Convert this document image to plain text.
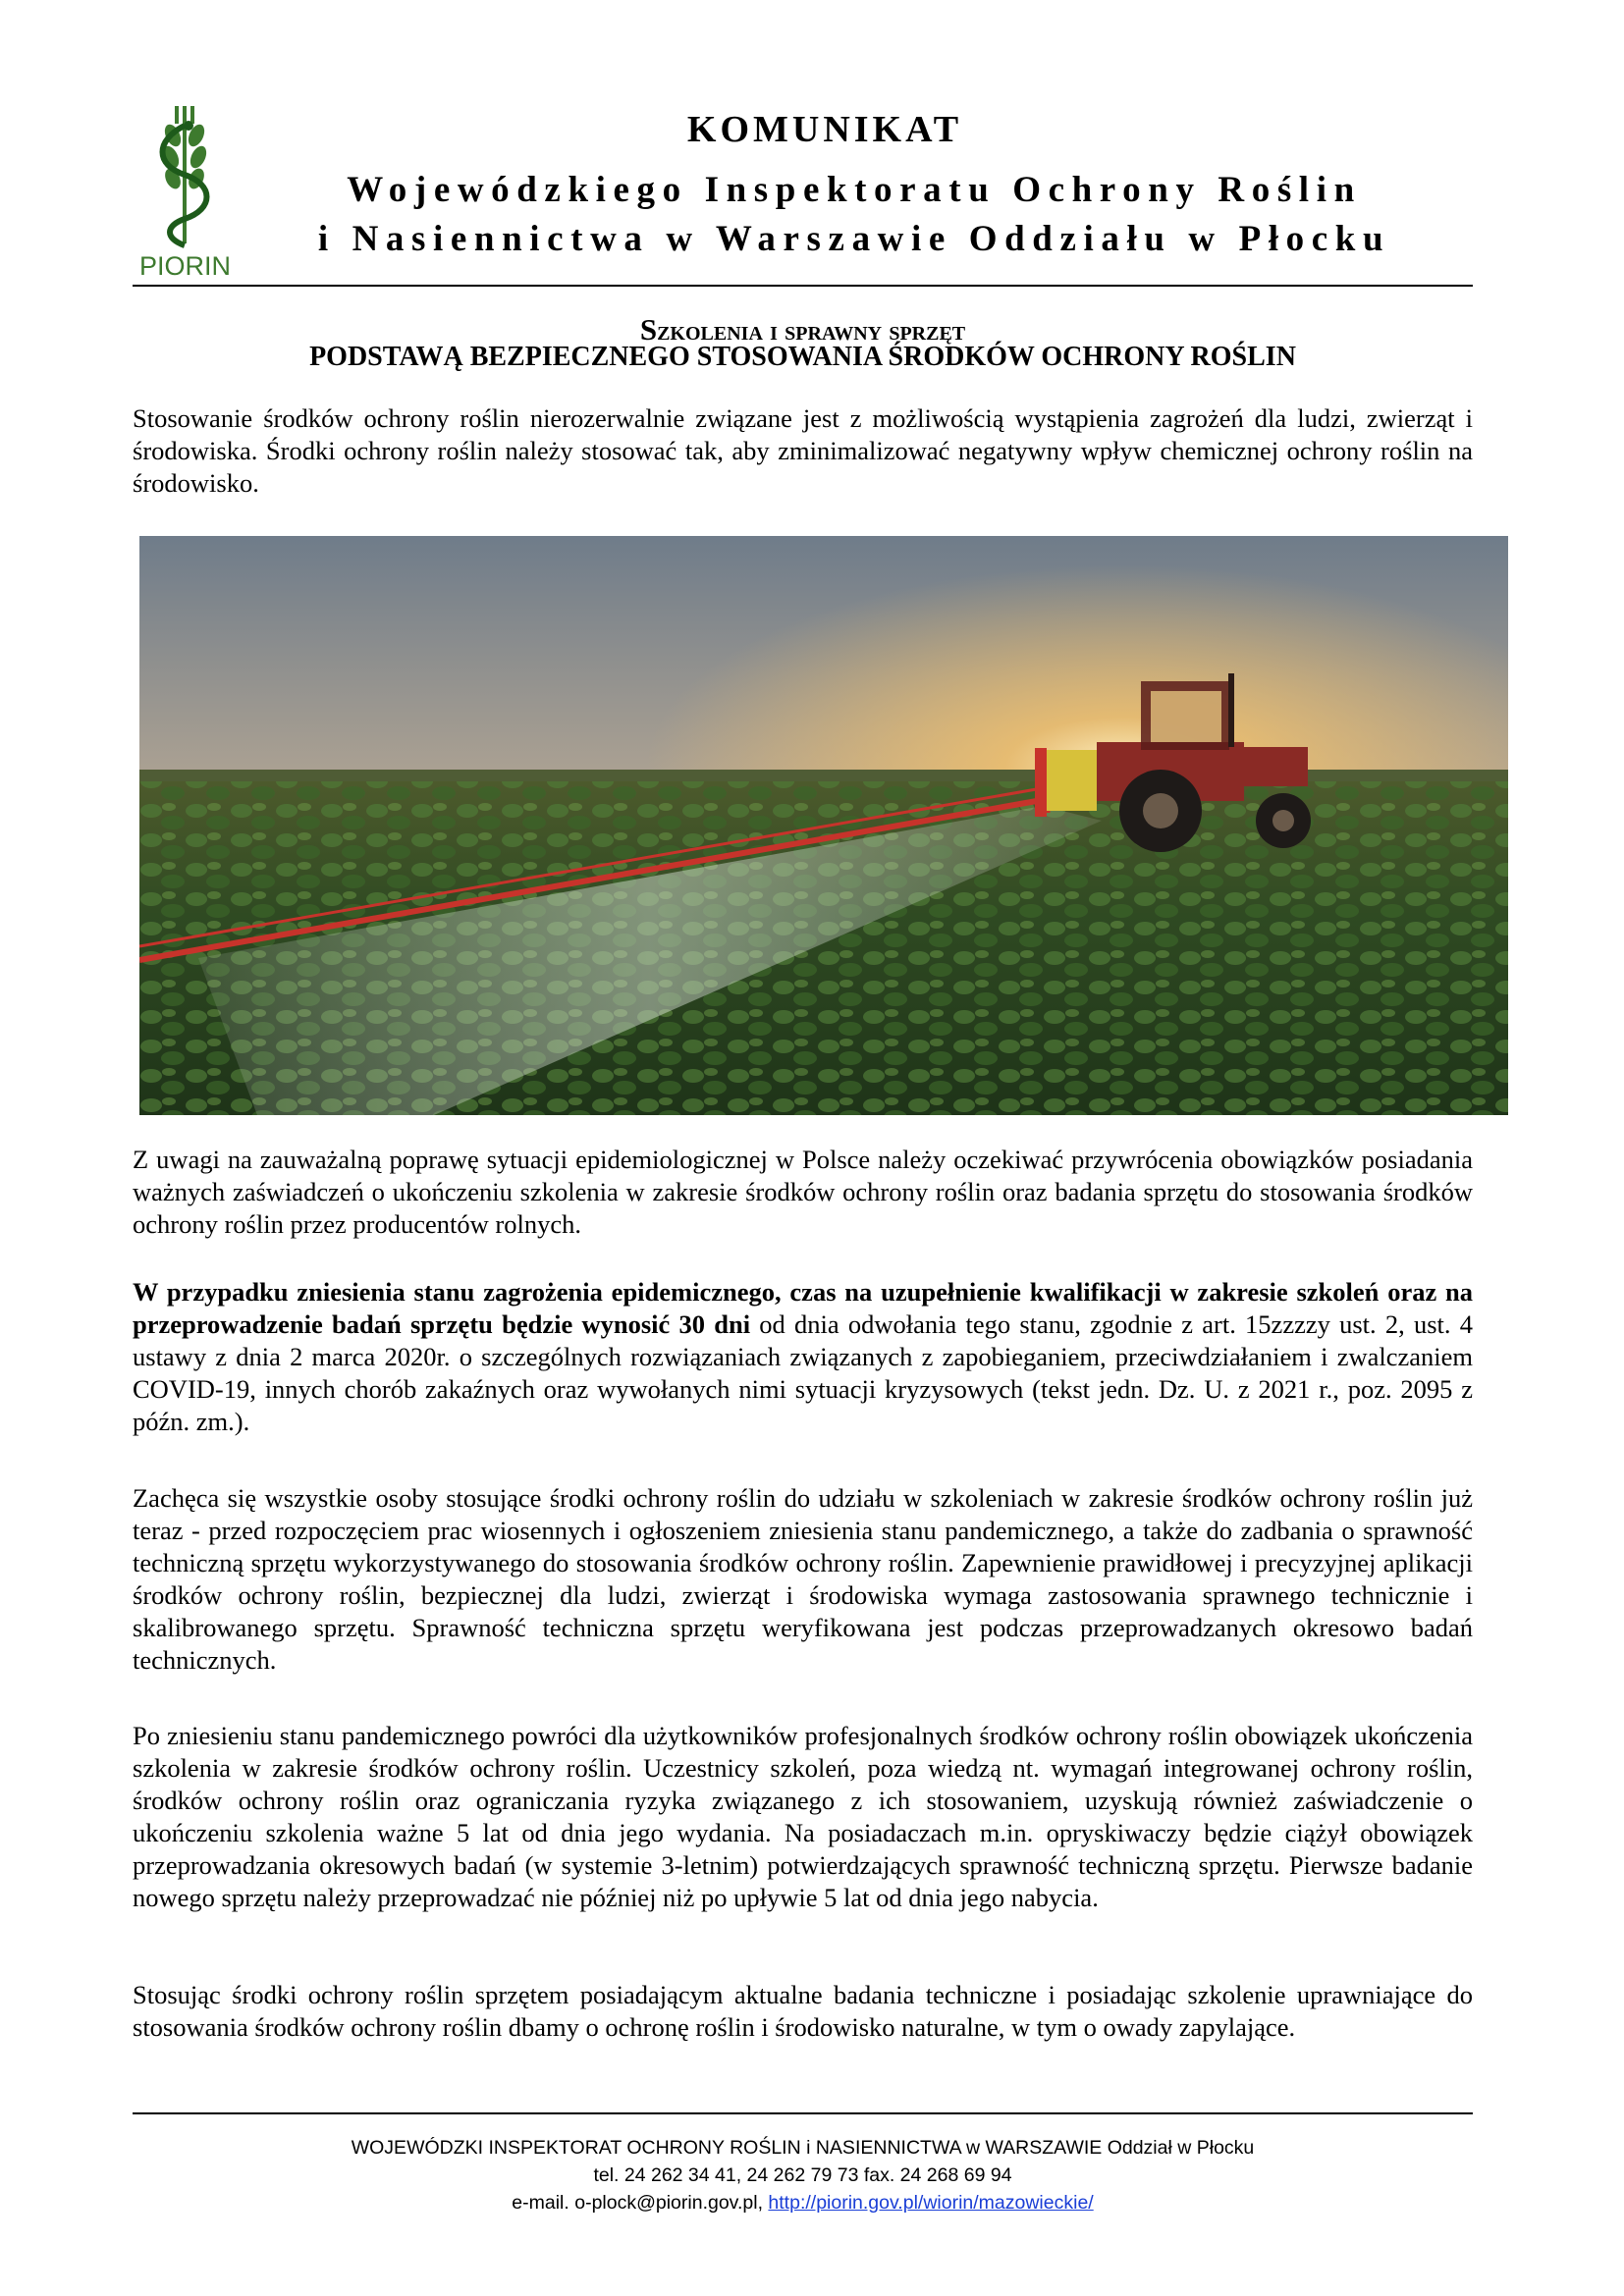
PIORIN
KOMUNIKAT
Wojewódzkiego Inspektoratu Ochrony Roślin
i Nasiennictwa w Warszawie Oddziału w Płocku
Szkolenia i sprawny sprzęt
PODSTAWĄ BEZPIECZNEGO STOSOWANIA ŚRODKÓW OCHRONY ROŚLIN
Stosowanie środków ochrony roślin nierozerwalnie związane jest z możliwością wystąpienia zagrożeń dla ludzi, zwierząt i środowiska. Środki ochrony roślin należy stosować tak, aby zminimalizować negatywny wpływ chemicznej ochrony roślin na środowisko.
Z uwagi na zauważalną poprawę sytuacji epidemiologicznej w Polsce należy oczekiwać przywrócenia obowiązków posiadania ważnych zaświadczeń o ukończeniu szkolenia w zakresie środków ochrony roślin oraz badania sprzętu do stosowania środków ochrony roślin przez producentów rolnych.
W przypadku zniesienia stanu zagrożenia epidemicznego, czas na uzupełnienie kwalifikacji w zakresie szkoleń oraz na przeprowadzenie badań sprzętu będzie wynosić 30 dni od dnia odwołania tego stanu, zgodnie z art. 15zzzzy ust. 2, ust. 4 ustawy z dnia 2 marca 2020r. o szczególnych rozwiązaniach związanych z zapobieganiem, przeciwdziałaniem i zwalczaniem COVID-19, innych chorób zakaźnych oraz wywołanych nimi sytuacji kryzysowych (tekst jedn. Dz. U. z 2021 r., poz. 2095 z późn. zm.).
Zachęca się wszystkie osoby stosujące środki ochrony roślin do udziału w szkoleniach w zakresie środków ochrony roślin już teraz - przed rozpoczęciem prac wiosennych i ogłoszeniem zniesienia stanu pandemicznego, a także do zadbania o sprawność techniczną sprzętu wykorzystywanego do stosowania środków ochrony roślin. Zapewnienie prawidłowej i precyzyjnej aplikacji środków ochrony roślin, bezpiecznej dla ludzi, zwierząt i środowiska wymaga zastosowania sprawnego technicznie i skalibrowanego sprzętu. Sprawność techniczna sprzętu weryfikowana jest podczas przeprowadzanych okresowo badań technicznych.
Po zniesieniu stanu pandemicznego powróci dla użytkowników profesjonalnych środków ochrony roślin obowiązek ukończenia szkolenia w zakresie środków ochrony roślin. Uczestnicy szkoleń, poza wiedzą nt. wymagań integrowanej ochrony roślin, środków ochrony roślin oraz ograniczania ryzyka związanego z ich stosowaniem, uzyskują również zaświadczenie o ukończeniu szkolenia ważne 5 lat od dnia jego wydania. Na posiadaczach m.in. opryskiwaczy będzie ciążył obowiązek przeprowadzania okresowych badań (w systemie 3-letnim) potwierdzających sprawność techniczną sprzętu. Pierwsze badanie nowego sprzętu należy przeprowadzać nie później niż po upływie 5 lat od dnia jego nabycia.
Stosując środki ochrony roślin sprzętem posiadającym aktualne badania techniczne i posiadając szkolenie uprawniające do stosowania środków ochrony roślin dbamy o ochronę roślin i środowisko naturalne, w tym o owady zapylające.
WOJEWÓDZKI INSPEKTORAT OCHRONY ROŚLIN i NASIENNICTWA w WARSZAWIE Oddział w Płocku
tel. 24 262 34 41, 24 262 79 73 fax. 24 268 69 94
e-mail. o-plock@piorin.gov.pl, http://piorin.gov.pl/wiorin/mazowieckie/
